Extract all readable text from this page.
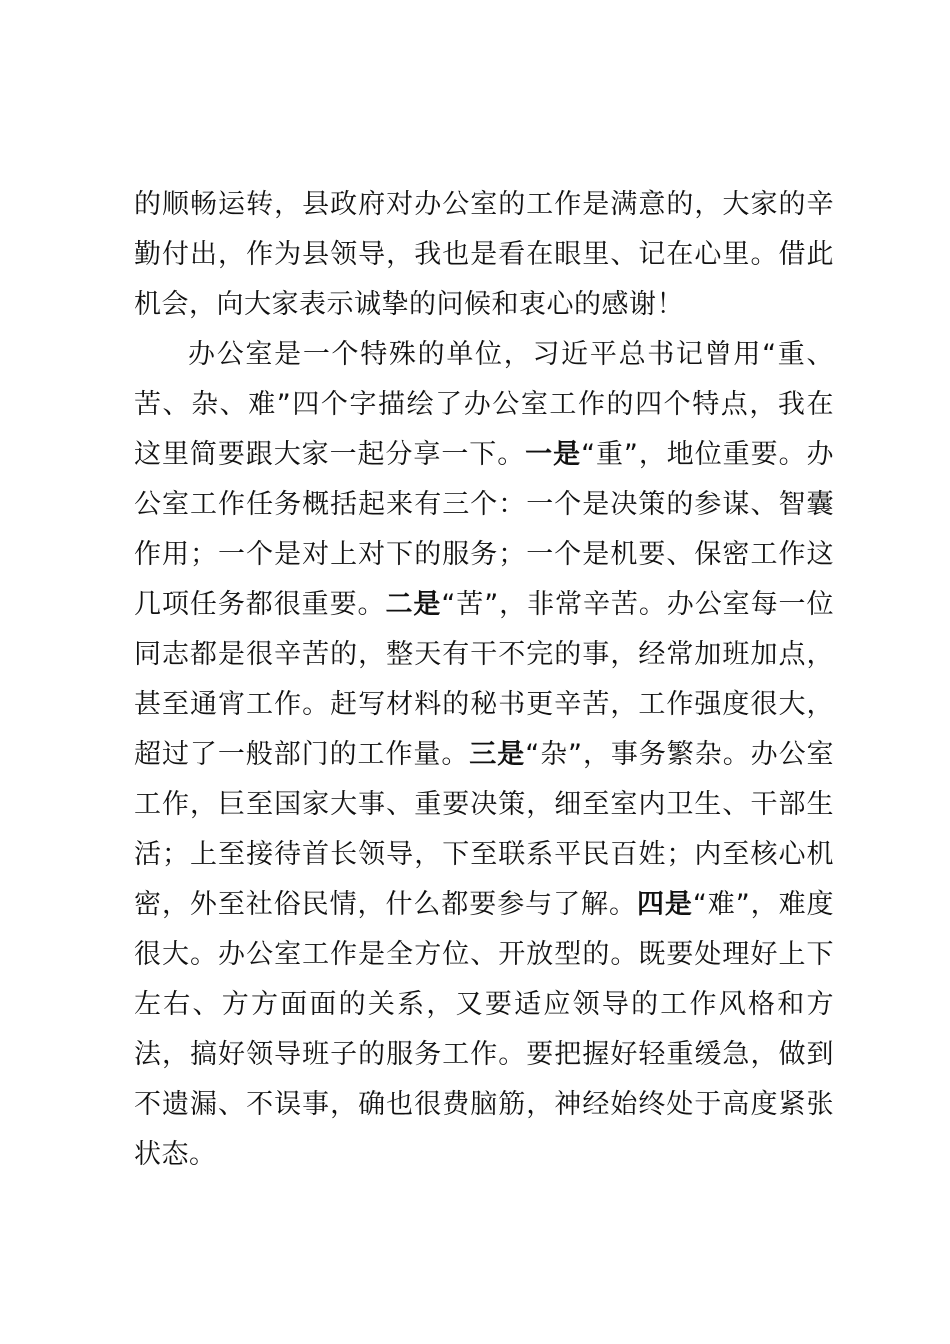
的顺畅运转，县政府对办公室的工作是满意的，大家的辛勤付出，作为县领导，我也是看在眼里、记在心里。借此机会，向大家表示诚挚的问候和衷心的感谢！

办公室是一个特殊的单位，习近平总书记曾用“重、苦、杂、难”四个字描绘了办公室工作的四个特点，我在这里简要跟大家一起分享一下。一是“重”，地位重要。办公室工作任务概括起来有三个：一个是决策的参谋、智囊作用；一个是对上对下的服务；一个是机要、保密工作这几项任务都很重要。二是“苦”，非常辛苦。办公室每一位同志都是很辛苦的，整天有干不完的事，经常加班加点，甚至通宵工作。赶写材料的秘书更辛苦，工作强度很大，超过了一般部门的工作量。三是“杂”，事务繁杂。办公室工作，巨至国家大事、重要决策，细至室内卫生、干部生活；上至接待首长领导，下至联系平民百姓；内至核心机密，外至社俗民情，什么都要参与了解。四是“难”，难度很大。办公室工作是全方位、开放型的。既要处理好上下左右、方方面面的关系，又要适应领导的工作风格和方法，搞好领导班子的服务工作。要把握好轻重缓急，做到不遗漏、不误事，确也很费脑筋，神经始终处于高度紧张状态。
